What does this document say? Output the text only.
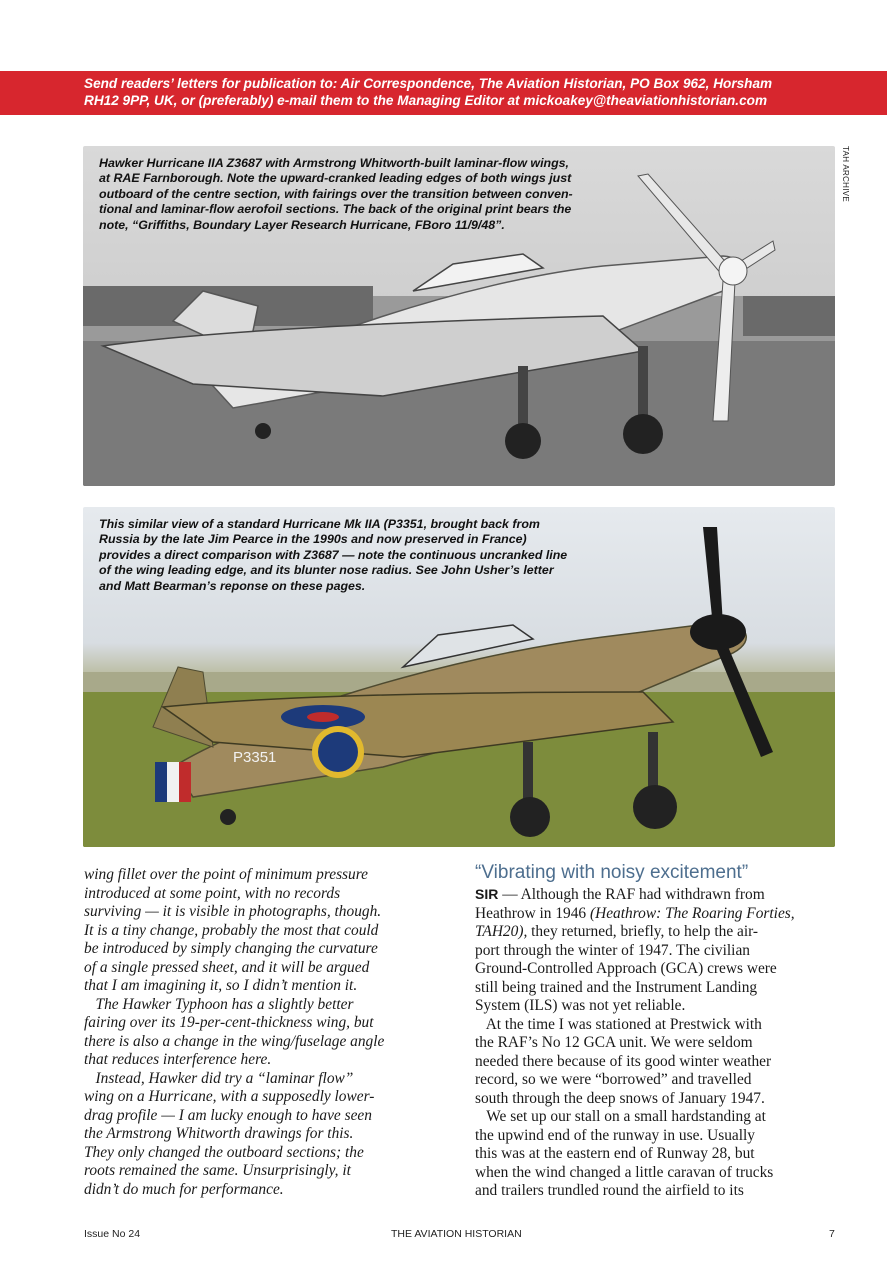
Send readers’ letters for publication to: Air Correspondence, The Aviation Historian, PO Box 962, Horsham
RH12 9PP, UK, or (preferably) e-mail them to the Managing Editor at mickoakey@theaviationhistorian.com
TAH ARCHIVE
Hawker Hurricane IIA Z3687 with Armstrong Whitworth-built laminar-flow wings,
at RAE Farnborough. Note the upward-cranked leading edges of both wings just
outboard of the centre section, with fairings over the transition between conven-
tional and laminar-flow aerofoil sections. The back of the original print bears the
note, “Griffiths, Boundary Layer Research Hurricane, FBoro 11/9/48”.
P3351
This similar view of a standard Hurricane Mk IIA (P3351, brought back from
Russia by the late Jim Pearce in the 1990s and now preserved in France)
provides a direct comparison with Z3687 — note the continuous uncranked line
of the wing leading edge, and its blunter nose radius. See John Usher’s letter
and Matt Bearman’s reponse on these pages.
wing fillet over the point of minimum pressure
introduced at some point, with no records
surviving — it is visible in photographs, though.
It is a tiny change, probably the most that could
be introduced by simply changing the curvature
of a single pressed sheet, and it will be argued
that I am imagining it, so I didn’t mention it.
The Hawker Typhoon has a slightly better
fairing over its 19-per-cent-thickness wing, but
there is also a change in the wing/fuselage angle
that reduces interference here.
Instead, Hawker did try a “laminar flow”
wing on a Hurricane, with a supposedly lower-
drag profile — I am lucky enough to have seen
the Armstrong Whitworth drawings for this.
They only changed the outboard sections; the
roots remained the same. Unsurprisingly, it
didn’t do much for performance.
“Vibrating with noisy excitement”
SIR — Although the RAF had withdrawn from
Heathrow in 1946 (Heathrow: The Roaring Forties,
TAH20), they returned, briefly, to help the air-
port through the winter of 1947. The civilian
Ground-Controlled Approach (GCA) crews were
still being trained and the Instrument Landing
System (ILS) was not yet reliable.
At the time I was stationed at Prestwick with
the RAF’s No 12 GCA unit. We were seldom
needed there because of its good winter weather
record, so we were “borrowed” and travelled
south through the deep snows of January 1947.
We set up our stall on a small hardstanding at
the upwind end of the runway in use. Usually
this was at the eastern end of Runway 28, but
when the wind changed a little caravan of trucks
and trailers trundled round the airfield to its
Issue No 24	THE AVIATION HISTORIAN	7
